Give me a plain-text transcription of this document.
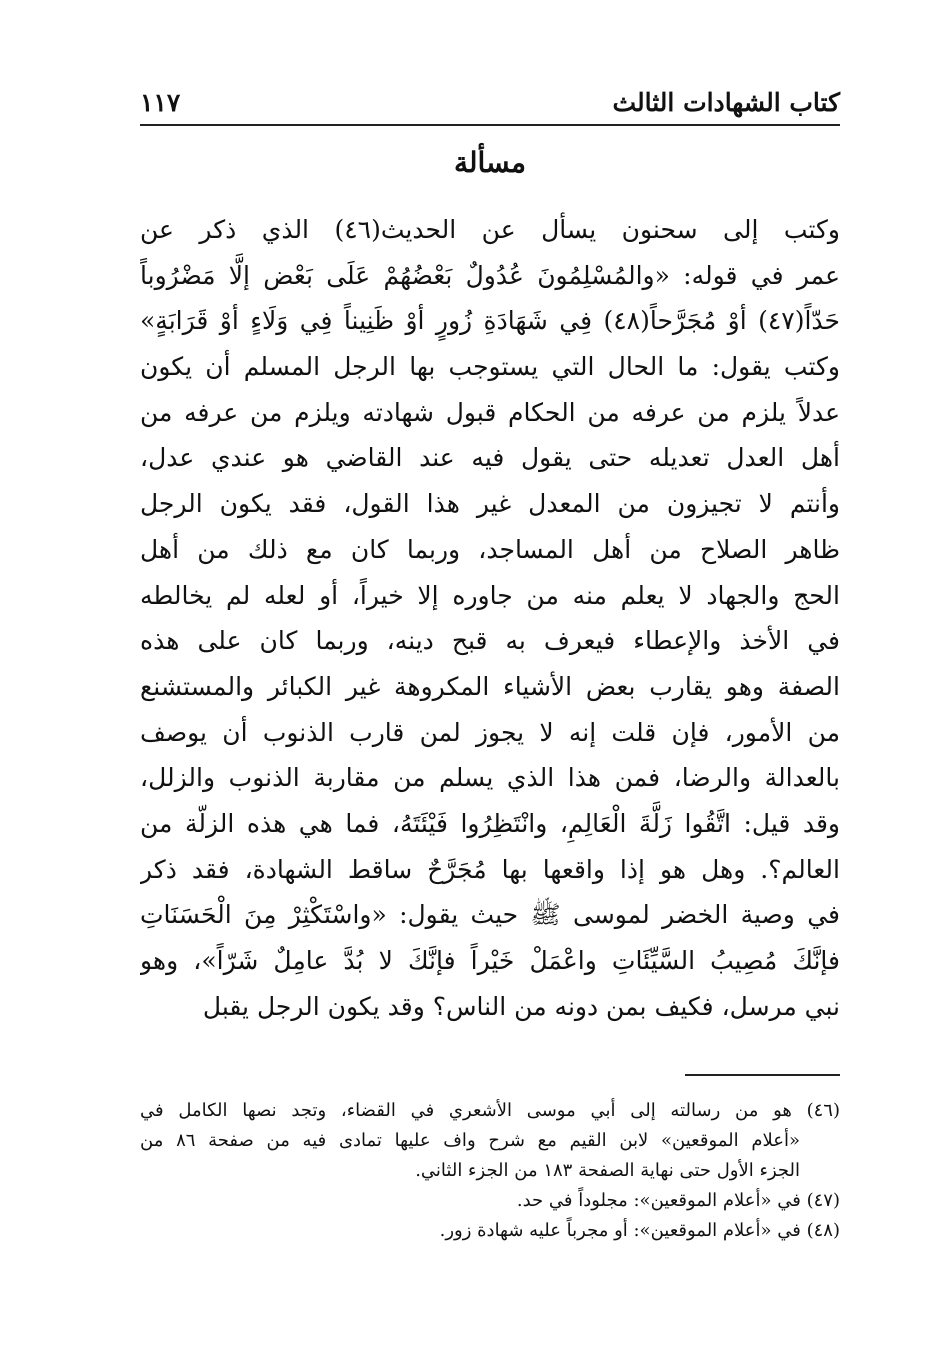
كتاب الشهادات الثالث
١١٧
مسألة
وكتب إلى سحنون يسأل عن الحديث(٤٦) الذي ذكر عن
عمر في قوله: «والمُسْلِمُونَ عُدُولٌ بَعْضُهُمْ عَلَى بَعْض إلَّا مَضْرُوباً
حَدّاً(٤٧) أوْ مُجَرَّحاً(٤٨) فِي شَهَادَةِ زُورٍ أوْ ظَنِيناً فِي وَلَاءٍ أوْ قَرَابَةٍ»
وكتب يقول: ما الحال التي يستوجب بها الرجل المسلم أن يكون
عدلاً يلزم من عرفه من الحكام قبول شهادته ويلزم من عرفه من
أهل العدل تعديله حتى يقول فيه عند القاضي هو عندي عدل،
وأنتم لا تجيزون من المعدل غير هذا القول، فقد يكون الرجل
ظاهر الصلاح من أهل المساجد، وربما كان مع ذلك من أهل
الحج والجهاد لا يعلم منه من جاوره إلا خيراً، أو لعله لم يخالطه
في الأخذ والإعطاء فيعرف به قبح دينه، وربما كان على هذه
الصفة وهو يقارب بعض الأشياء المكروهة غير الكبائر والمستشنع
من الأمور، فإن قلت إنه لا يجوز لمن قارب الذنوب أن يوصف
بالعدالة والرضا، فمن هذا الذي يسلم من مقاربة الذنوب والزلل،
وقد قيل: اتَّقُوا زَلَّةَ الْعَالِمِ، وانْتَظِرُوا فَيْئَتَهُ، فما هي هذه الزلّة من
العالم؟. وهل هو إذا واقعها بها مُجَرَّحٌ ساقط الشهادة، فقد ذكر
في وصية الخضر لموسى ﷺ حيث يقول: «واسْتَكْثِرْ مِنَ الْحَسَنَاتِ
فإنَّكَ مُصِيبُ السَّيِّئَاتِ واعْمَلْ خَيْراً فإنَّكَ لا بُدَّ عامِلٌ شَرّاً»، وهو
نبي مرسل، فكيف بمن دونه من الناس؟ وقد يكون الرجل يقبل
(٤٦) هو من رسالته إلى أبي موسى الأشعري في القضاء، وتجد نصها الكامل في
«أعلام الموقعين» لابن القيم مع شرح واف عليها تمادى فيه من صفحة ٨٦ من
الجزء الأول حتى نهاية الصفحة ١٨٣ من الجزء الثاني.
(٤٧) في «أعلام الموقعين»: مجلوداً في حد.
(٤٨) في «أعلام الموقعين»: أو مجرباً عليه شهادة زور.
